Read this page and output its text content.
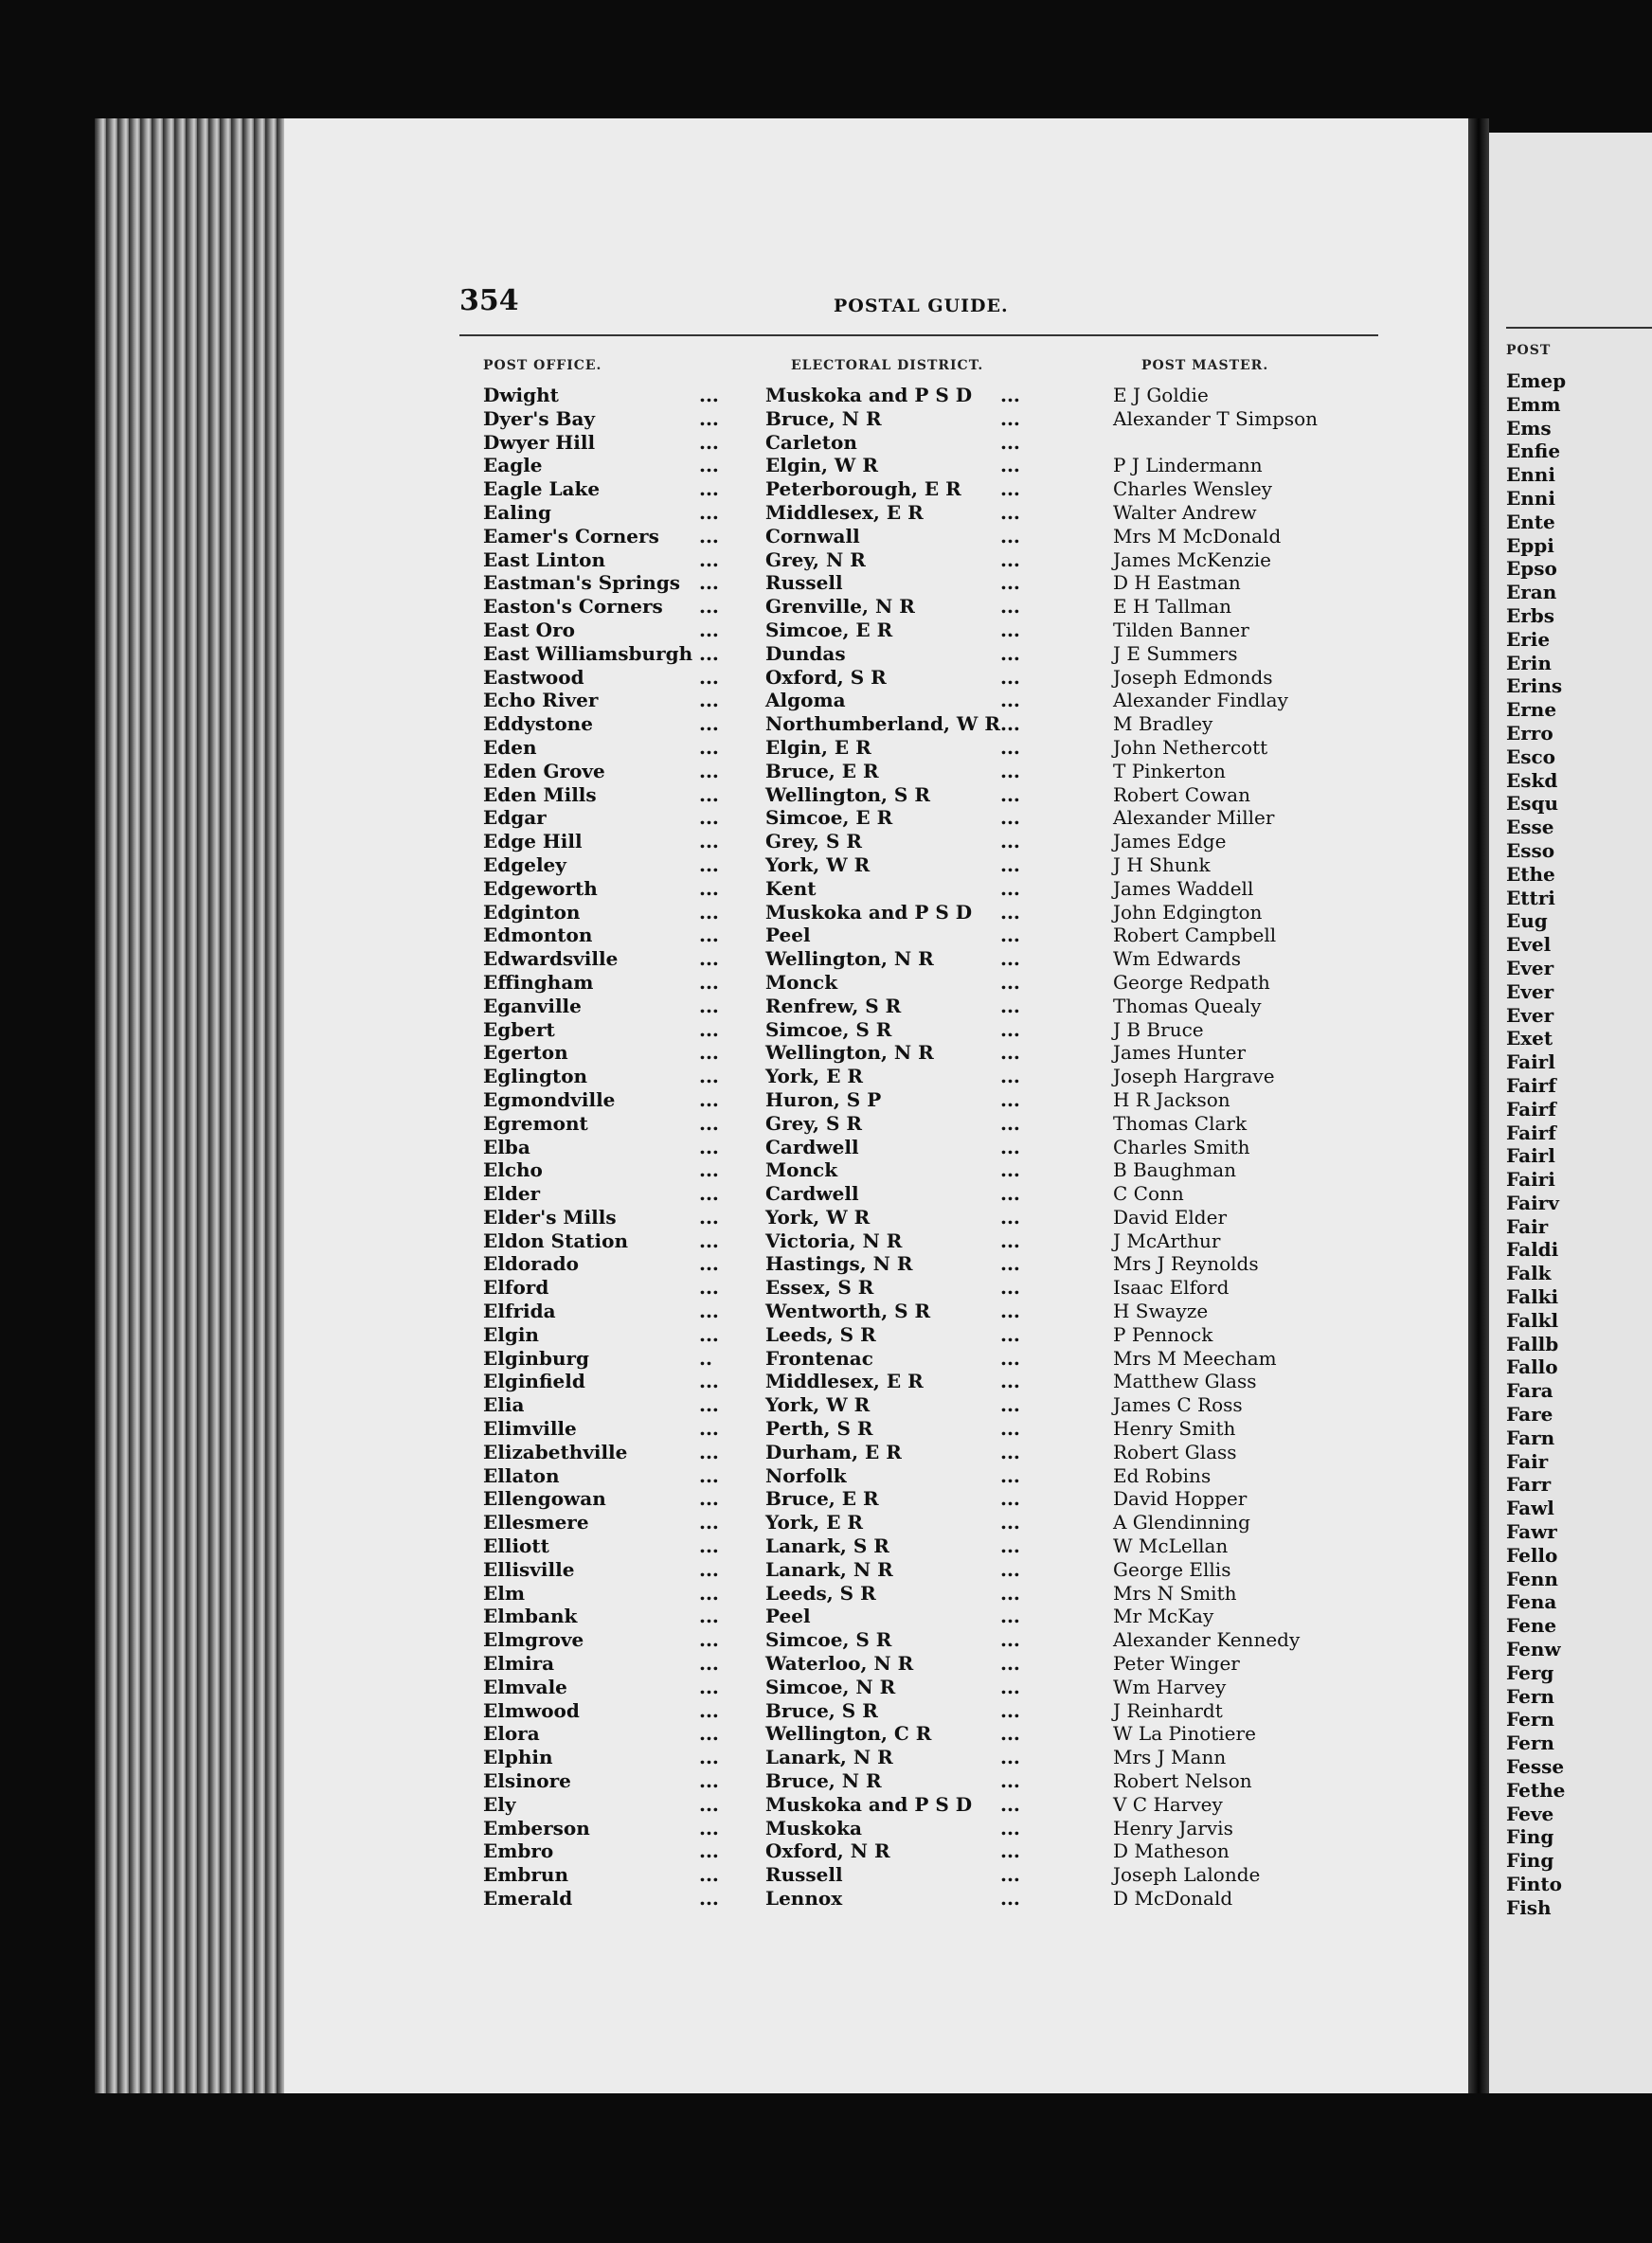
354	POSTAL GUIDE.
POST OFFICE.	ELECTORAL DISTRICT.	POST MASTER.
Dwight	... Muskoka and P S D ...	E J Goldie
Dyer's Bay	... Bruce, N R	...	Alexander T Simpson
Dwyer Hill	... Carleton	...
Eagle	... Elgin, W R	...	P J Lindermann
Eagle Lake	... Peterborough, E R ...	Charles Wensley
Ealing	... Middlesex, E R	...	Walter Andrew
Eamer's Corners ... Cornwall	...	Mrs M McDonald
East Linton	... Grey, N R	...	James McKenzie
Eastman's Springs ... Russell	...	D H Eastman
Easton's Corners ... Grenville, N R	...	E H Tallman
East Oro	... Simcoe, E R	...	Tilden Banner
East Williamsburgh ... Dundas	...	J E Summers
Eastwood	... Oxford, S R	...	Joseph Edmonds
Echo River	... Algoma	...	Alexander Findlay
Eddystone	... Northumberland, W R ...	M Bradley
Eden	... Elgin, E R	...	John Nethercott
Eden Grove	... Bruce, E R	...	T Pinkerton
Eden Mills	... Wellington, S R	...	Robert Cowan
Edgar	... Simcoe, E R	...	Alexander Miller
Edge Hill	... Grey, S R	...	James Edge
Edgeley	... York, W R	...	J H Shunk
Edgeworth	... Kent	...	James Waddell
Edginton	... Muskoka and P S D ...	John Edgington
Edmonton	... Peel	...	Robert Campbell
Edwardsville	... Wellington, N R	...	Wm Edwards
Effingham	... Monck	...	George Redpath
Eganville	... Renfrew, S R	...	Thomas Quealy
Egbert	... Simcoe, S R	...	J B Bruce
Egerton	... Wellington, N R	...	James Hunter
Eglington	... York, E R	...	Joseph Hargrave
Egmondville	... Huron, S P	...	H R Jackson
Egremont	... Grey, S R	...	Thomas Clark
Elba	... Cardwell	...	Charles Smith
Elcho	... Monck	...	B Baughman
Elder	... Cardwell	...	C Conn
Elder's Mills	... York, W R	...	David Elder
Eldon Station	... Victoria, N R	...	J McArthur
Eldorado	... Hastings, N R	...	Mrs J Reynolds
Elford	... Essex, S R	...	Isaac Elford
Elfrida	... Wentworth, S R	...	H Swayze
Elgin	... Leeds, S R	...	P Pennock
Elginburg	..	Frontenac	...	Mrs M Meecham
Elginfield	... Middlesex, E R	...	Matthew Glass
Elia	... York, W R	...	James C Ross
Elimville	... Perth, S R	...	Henry Smith
Elizabethville	... Durham, E R	...	Robert Glass
Ellaton	... Norfolk	...	Ed Robins
Ellengowan	... Bruce, E R	...	David Hopper
Ellesmere	... York, E R	...	A Glendinning
Elliott	... Lanark, S R	...	W McLellan
Ellisville	... Lanark, N R	...	George Ellis
Elm	... Leeds, S R	...	Mrs N Smith
Elmbank	... Peel	...	Mr McKay
Elmgrove	... Simcoe, S R	...	Alexander Kennedy
Elmira	... Waterloo, N R	...	Peter Winger
Elmvale	... Simcoe, N R	...	Wm Harvey
Elmwood	... Bruce, S R	...	J Reinhardt
Elora	... Wellington, C R	...	W La Pinotiere
Elphin	... Lanark, N R	...	Mrs J Mann
Elsinore	... Bruce, N R	...	Robert Nelson
Ely	... Muskoka and P S D ...	V C Harvey
Emberson	... Muskoka	...	Henry Jarvis
Embro	... Oxford, N R	...	D Matheson
Embrun	... Russell	...	Joseph Lalonde
Emerald	... Lennox	...	D McDonald
POST
Emep
Emm
Ems
Enfie
Enni
Enni
Ente
Eppi
Epso
Eran
Erbs
Erie
Erin
Erins
Erne
Erro
Esco
Eskd
Esqu
Esse
Esso
Ethe
Ettri
Eug
Evel
Ever
Ever
Ever
Exet
Fairl
Fairf
Fairf
Fairf
Fairl
Fairi
Fairv
Fair
Faldi
Falk
Falki
Falkl
Fallb
Fallo
Fara
Fare
Farn
Fair
Farr
Fawl
Fawr
Fello
Fenn
Fena
Fene
Fenw
Ferg
Fern
Fern
Fern
Fesse
Fethe
Feve
Fing
Fing
Finto
Fish
